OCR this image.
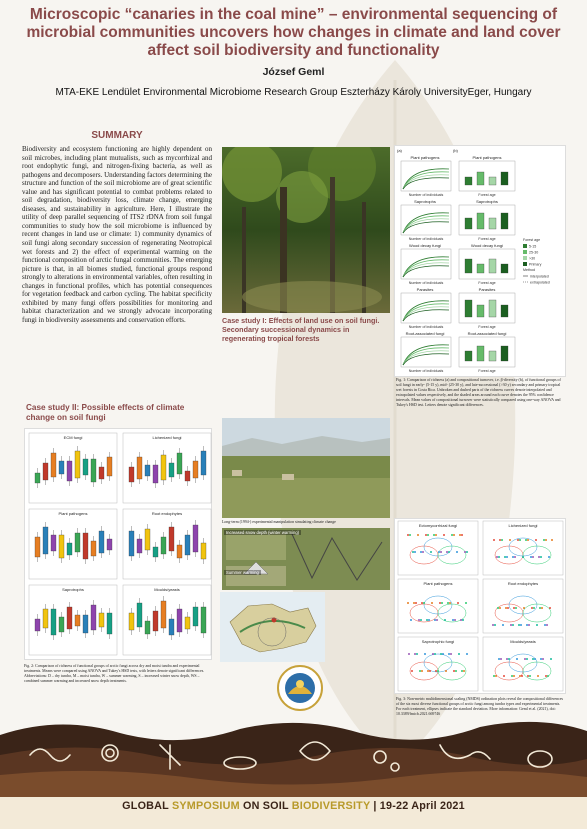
Microscopic “canaries in the coal mine” – environmental sequencing of microbial communities uncovers how changes in climate and land cover affect soil biodiversity and functionality
József Geml
MTA-EKE Lendület Environmental Microbiome Research Group Eszterházy Károly UniversityEger, Hungary
SUMMARY
Biodiversity and ecosystem functioning are highly dependent on soil microbes, including plant mutualists, such as mycorrhizal and root endophytic fungi, and nitrogen-fixing bacteria, as well as pathogens and decomposers. Understanding factors determining the structure and function of the soil microbiome are of great scientific value and has significant potential to combat problems related to soil degradation, biodiversity loss, climate change, emerging diseases, and sustainability in agriculture. Here, I illustrate the utility of deep parallel sequencing of ITS2 rDNA from soil fungal communities to study how the soil microbiome is influenced by recent changes in land use or climate: 1) community dynamics of soil fungi along secondary succession of regenerating Neotropical wet forests and 2) the effect of experimental warming on the functional composition of arctic fungal communities. The emerging picture is that, in all biomes studied, functional groups respond strongly to alterations in environmental variables, often resulting in changes in functional profiles, which has potential consequences for vegetation feedback and carbon cycling. The habitat specificity exhibited by many fungi offers possibilities for monitoring and habitat characterization and we strongly advocate incorporating fungi in biodiversity assessments and conservation efforts.
Case study II: Possible effects of climate change on soil fungi
ECM fungi	Lichenized fungi
Plant pathogens	Root endophytes
Saprotrophs	Moulds/yeasts
Fig. 2: Comparison of richness of functional groups of arctic fungi across dry and moist tundra and experimental treatments. Means were compared using ANOVA and Tukey's HSD tests, with letters denote significant differences. Abbreviations: D – dry tundra, M – moist tundra, W – summer warming, S – increased winter snow depth, WS – combined summer warming and increased snow depth treatments.
Case study I: Effects of land use on soil fungi. Secondary successional dynamics in regenerating tropical forests
(a)	(b)
Plant pathogens	Plant pathogens
Number of individuals	Forest age
Saprotrophs	Saprotrophs
Number of individuals	Forest age
Wood decay fungi	Wood decay fungi
Number of individuals	Forest age
Parasites	Parasites
Number of individuals	Forest age
Root-associated fungi	Root-associated fungi
Number of individuals	Forest age
Forest age
5-15
25-30
>30
Primary
Method
interpolated
extrapolated
Fig. 1: Comparison of richness (a) and compositional turnover, i.e. β-diversity (b), of functional groups of soil fungi in early- (5-15 y), mid- (25-30 y), and late-successional (>30 y) secondary and primary tropical wet forests in Costa Rica. Unbroken and dashed parts of the richness curves denote interpolated and extrapolated values respectively, and the shaded areas around each curve denotes the 95% confidence intervals. Mean values of compositional turnover were statistically compared using one-way ANOVA and Tukey's HSD test. Letters denote significant differences.
Long-term (1994-) experimental manipulation simulating climate change
Increased snow depth (winter warming)
Summer warming
Ectomycorrhizal fungi	Lichenized fungi
Plant pathogens	Root endophytes
Saprotrophic fungi	Moulds/yeasts
Fig. 3: Non-metric multidimensional scaling (NMDS) ordination plots reveal the compositional differences of the six most diverse functional groups of arctic fungi among tundra types and experimental treatments. For each treatment, ellipses indicate the standard deviation. More information: Geml et al. (2021), doi: 10.3389/fmicb.2021.669746
GLOBAL SYMPOSIUM ON SOIL BIODIVERSITY | 19-22 April 2021
